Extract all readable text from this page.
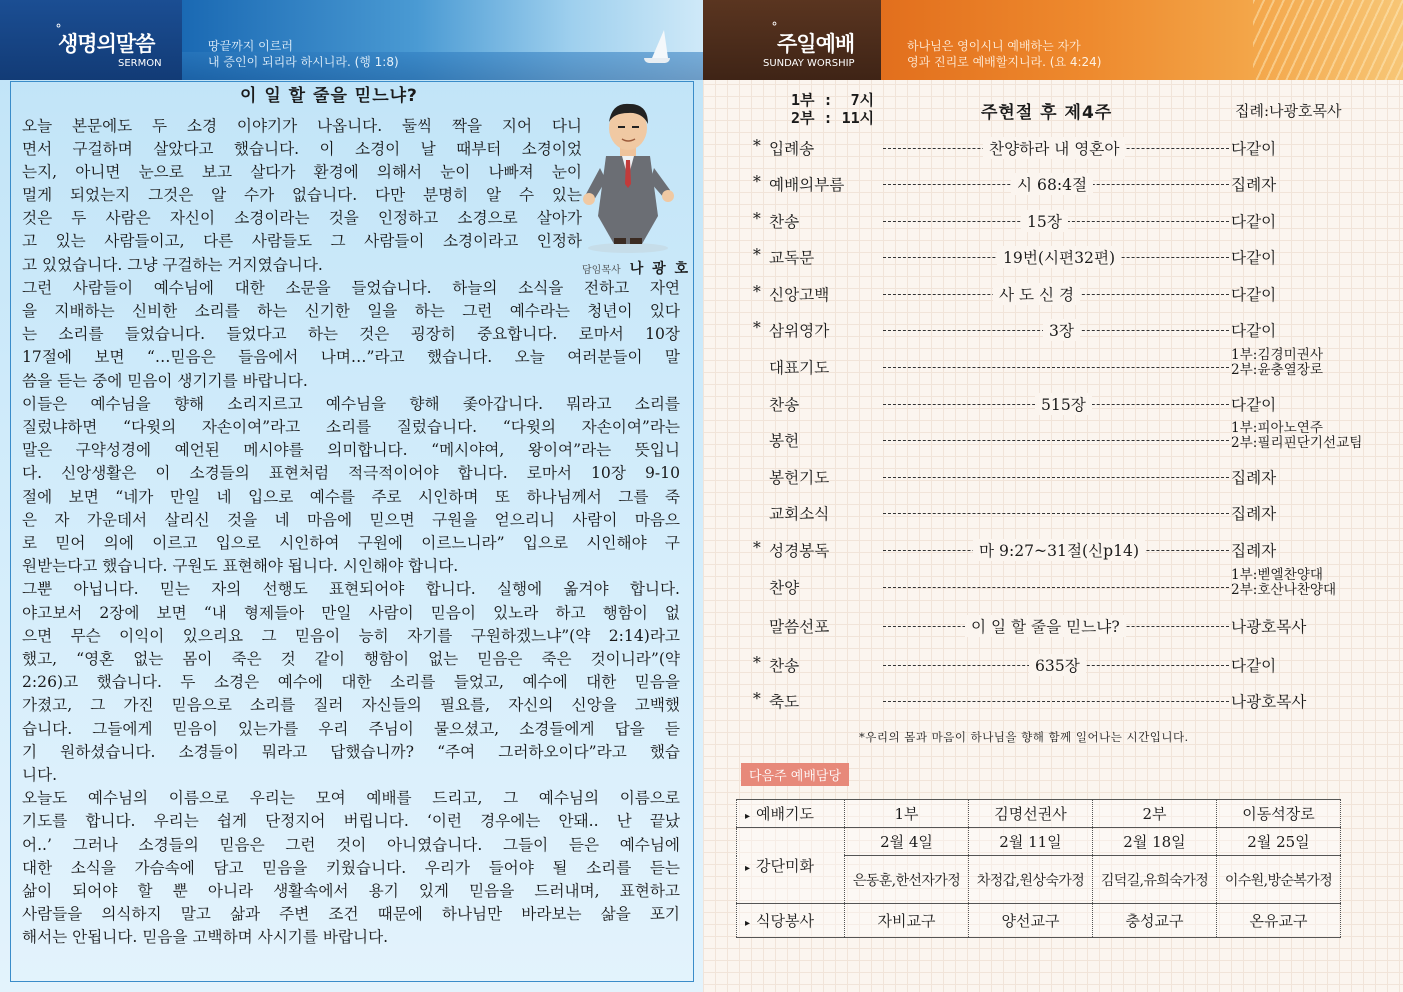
˚
생명의말씀
SERMON
땅끝까지 이르러
내 증인이 되리라 하시니라. (행 1:8)
이 일 할 줄을 믿느냐?
담임목사 나 광 호
오늘 본문에도 두 소경 이야기가 나옵니다. 둘씩 짝을 지어 다니
면서 구걸하며 살았다고 했습니다. 이 소경이 날 때부터 소경이었
는지, 아니면 눈으로 보고 살다가 환경에 의해서 눈이 나빠져 눈이
멀게 되었는지 그것은 알 수가 없습니다. 다만 분명히 알 수 있는
것은 두 사람은 자신이 소경이라는 것을 인정하고 소경으로 살아가
고 있는 사람들이고, 다른 사람들도 그 사람들이 소경이라고 인정하
고 있었습니다. 그냥 구걸하는 거지였습니다.
그런 사람들이 예수님에 대한 소문을 들었습니다. 하늘의 소식을 전하고 자연
을 지배하는 신비한 소리를 하는 신기한 일을 하는 그런 예수라는 청년이 있다
는 소리를 들었습니다. 들었다고 하는 것은 굉장히 중요합니다. 로마서 10장
17절에 보면 “…믿음은 들음에서 나며…”라고 했습니다. 오늘 여러분들이 말
씀을 듣는 중에 믿음이 생기기를 바랍니다.
이들은 예수님을 향해 소리지르고 예수님을 향해 좇아갑니다. 뭐라고 소리를
질렀냐하면 “다윗의 자손이여”라고 소리를 질렀습니다. “다윗의 자손이여”라는
말은 구약성경에 예언된 메시야를 의미합니다. “메시야여, 왕이여”라는 뜻입니
다. 신앙생활은 이 소경들의 표현처럼 적극적이어야 합니다. 로마서 10장 9-10
절에 보면 “네가 만일 네 입으로 예수를 주로 시인하며 또 하나님께서 그를 죽
은 자 가운데서 살리신 것을 네 마음에 믿으면 구원을 얻으리니 사람이 마음으
로 믿어 의에 이르고 입으로 시인하여 구원에 이르느니라” 입으로 시인해야 구
원받는다고 했습니다. 구원도 표현해야 됩니다. 시인해야 합니다.
그뿐 아닙니다. 믿는 자의 선행도 표현되어야 합니다. 실행에 옮겨야 합니다.
야고보서 2장에 보면 “내 형제들아 만일 사람이 믿음이 있노라 하고 행함이 없
으면 무슨 이익이 있으리요 그 믿음이 능히 자기를 구원하겠느냐”(약 2:14)라고
했고, “영혼 없는 몸이 죽은 것 같이 행함이 없는 믿음은 죽은 것이니라”(약
2:26)고 했습니다. 두 소경은 예수에 대한 소리를 들었고, 예수에 대한 믿음을
가졌고, 그 가진 믿음으로 소리를 질러 자신들의 필요를, 자신의 신앙을 고백했
습니다. 그들에게 믿음이 있는가를 우리 주님이 물으셨고, 소경들에게 답을 듣
기 원하셨습니다. 소경들이 뭐라고 답했습니까? “주여 그러하오이다”라고 했습
니다.
오늘도 예수님의 이름으로 우리는 모여 예배를 드리고, 그 예수님의 이름으로
기도를 합니다. 우리는 쉽게 단정지어 버립니다. ‘이런 경우에는 안돼.. 난 끝났
어..’ 그러나 소경들의 믿음은 그런 것이 아니였습니다. 그들이 듣은 예수님에
대한 소식을 가슴속에 담고 믿음을 키웠습니다. 우리가 들어야 될 소리를 듣는
삶이 되어야 할 뿐 아니라 생활속에서 용기 있게 믿음을 드러내며, 표현하고
사람들을 의식하지 말고 삶과 주변 조건 때문에 하나님만 바라보는 삶을 포기
해서는 안됩니다. 믿음을 고백하며 사시기를 바랍니다.
˚
주일예배
SUNDAY WORSHIP
하나님은 영이시니 예배하는 자가
영과 진리로 예배할지니라. (요 4:24)
1부 :  7시
2부 : 11시	주현절 후 제4주	집례:나광호목사
* 입례송	찬양하라 내 영혼아	다같이
* 예배의부름	시 68:4절	집례자
* 찬송	15장	다같이
* 교독문	19번(시편32편)	다같이
* 신앙고백	사 도 신 경	다같이
* 삼위영가	3장	다같이
대표기도
1부:김경미권사
2부:윤충열장로
찬송	515장	다같이
봉헌
1부:피아노연주
2부:필리핀단기선교팀
봉헌기도	집례자
교회소식	집례자
* 성경봉독	마 9:27~31절(신p14)	집례자
찬양
1부:벧엘찬양대
2부:호산나찬양대
말씀선포	이 일 할 줄을 믿느냐?	나광호목사
* 찬송	635장	다같이
* 축도	나광호목사
*우리의 몸과 마음이 하나님을 향해 함께 일어나는 시간입니다.
다음주 예배담당
▸ 예배기도	1부	김명선권사	2부	이동석장로
▸ 강단미화	2월 4일	2월 11일	2월 18일	2월 25일
	은동훈,한선자가정	차정갑,원상숙가정	김덕길,유희숙가정	이수원,방순복가정
▸ 식당봉사	자비교구	양선교구	충성교구	온유교구
